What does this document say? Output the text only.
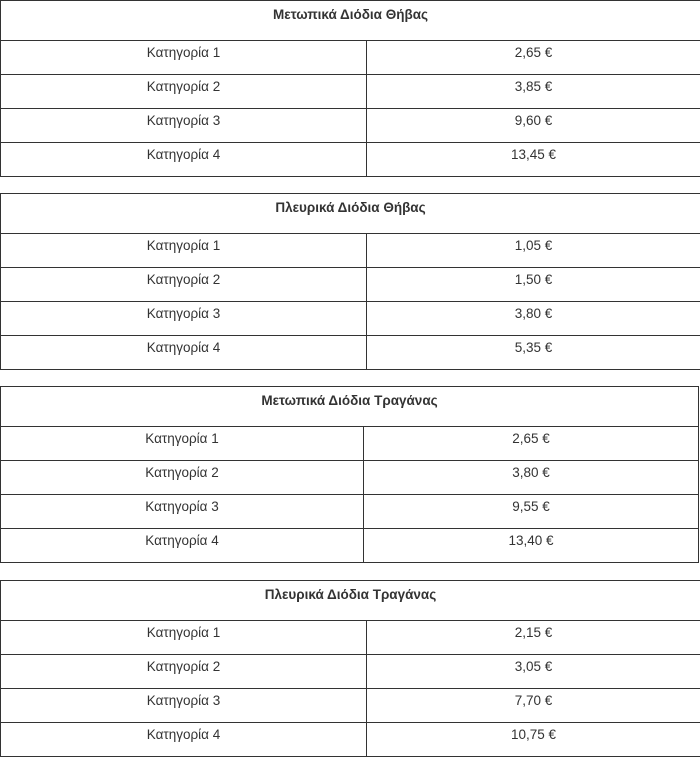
Μετωπικά Διόδια Θήβας	
Κατηγορία 1	2,65 €
Κατηγορία 2	3,85 €
Κατηγορία 3	9,60 €
Κατηγορία 4	13,45 €
Πλευρικά Διόδια Θήβας	
Κατηγορία 1	1,05 €
Κατηγορία 2	1,50 €
Κατηγορία 3	3,80 €
Κατηγορία 4	5,35 €
Μετωπικά Διόδια Τραγάνας	
Κατηγορία 1	2,65 €
Κατηγορία 2	3,80 €
Κατηγορία 3	9,55 €
Κατηγορία 4	13,40 €
Πλευρικά Διόδια Τραγάνας	
Κατηγορία 1	2,15 €
Κατηγορία 2	3,05 €
Κατηγορία 3	7,70 €
Κατηγορία 4	10,75 €
